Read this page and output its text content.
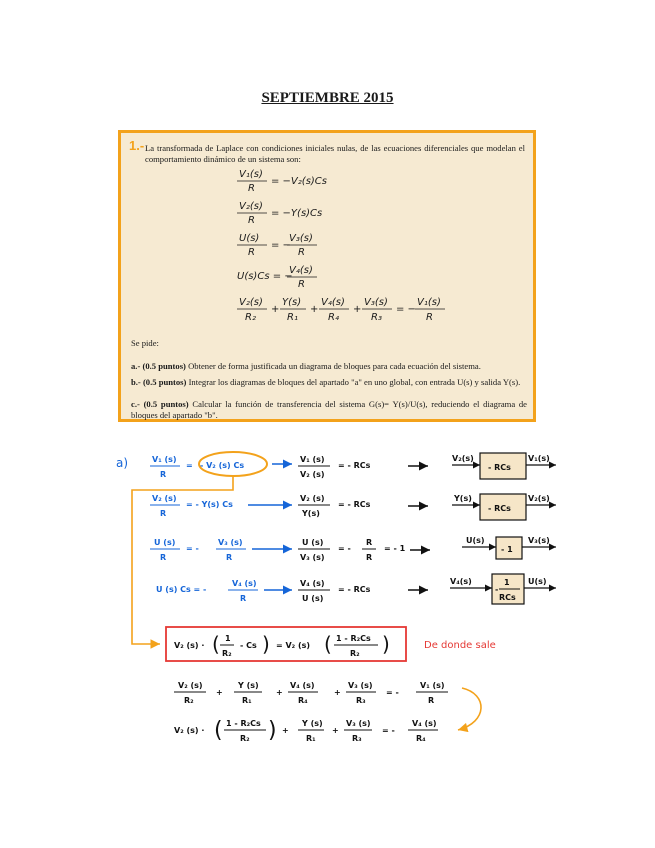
SEPTIEMBRE 2015
1.- La transformada de Laplace con condiciones iniciales nulas, de las ecuaciones diferenciales que modelan el comportamiento dinámico de un sistema son:
V₁(s)
R
= −V₂(s)Cs
V₂(s)
R
= −Y(s)Cs
U(s)
R
= −
V₃(s)
R
U(s)Cs = −
V₄(s)
R
V₂(s)
R₂
+
Y(s)
R₁
+
V₄(s)
R₄
+
V₃(s)
R₃
= −
V₁(s)
R
Se pide:
a.- (0.5 puntos) Obtener de forma justificada un diagrama de bloques para cada ecuación del sistema.
b.- (0.5 puntos) Integrar los diagramas de bloques del apartado "a" en uno global, con entrada U(s) y salida Y(s).
c.- (0.5 puntos) Calcular la función de transferencia del sistema G(s)= Y(s)/U(s), reduciendo el diagrama de bloques del apartado "b".
a)	V₁ (s)
R
= - V₂ (s) Cs
V₁ (s)
V₂ (s)
= - RCs
V₂ (s)
R
= - Y(s) Cs
V₂ (s)
Y(s)
= - RCs
U (s)
R
= -
V₃ (s)
R
U (s)
V₃ (s)
= -
R
R
= - 1
U (s) Cs = -
V₄ (s)
R
V₄ (s)
U (s)
= - RCs
V₂(s)
- RCs
V₁(s)
Y(s)
- RCs
V₂(s)
U(s)
- 1
V₃(s)
V₄(s)
-
1
RCs
U(s)
V₂ (s) · ( 1
R₂
- Cs ) = V₂ (s) ( 1 - R₂Cs
R₂ )	De donde sale
V₂ (s)
R₂
+
Y (s)
R₁
+
V₄ (s)
R₄
+
V₃ (s)
R₃
= -
V₁ (s)
R
V₂ (s) · ( 1 - R₂Cs
R₂ ) +
Y (s)
R₁
+
V₃ (s)
R₃
= -
V₄ (s)
R₄
